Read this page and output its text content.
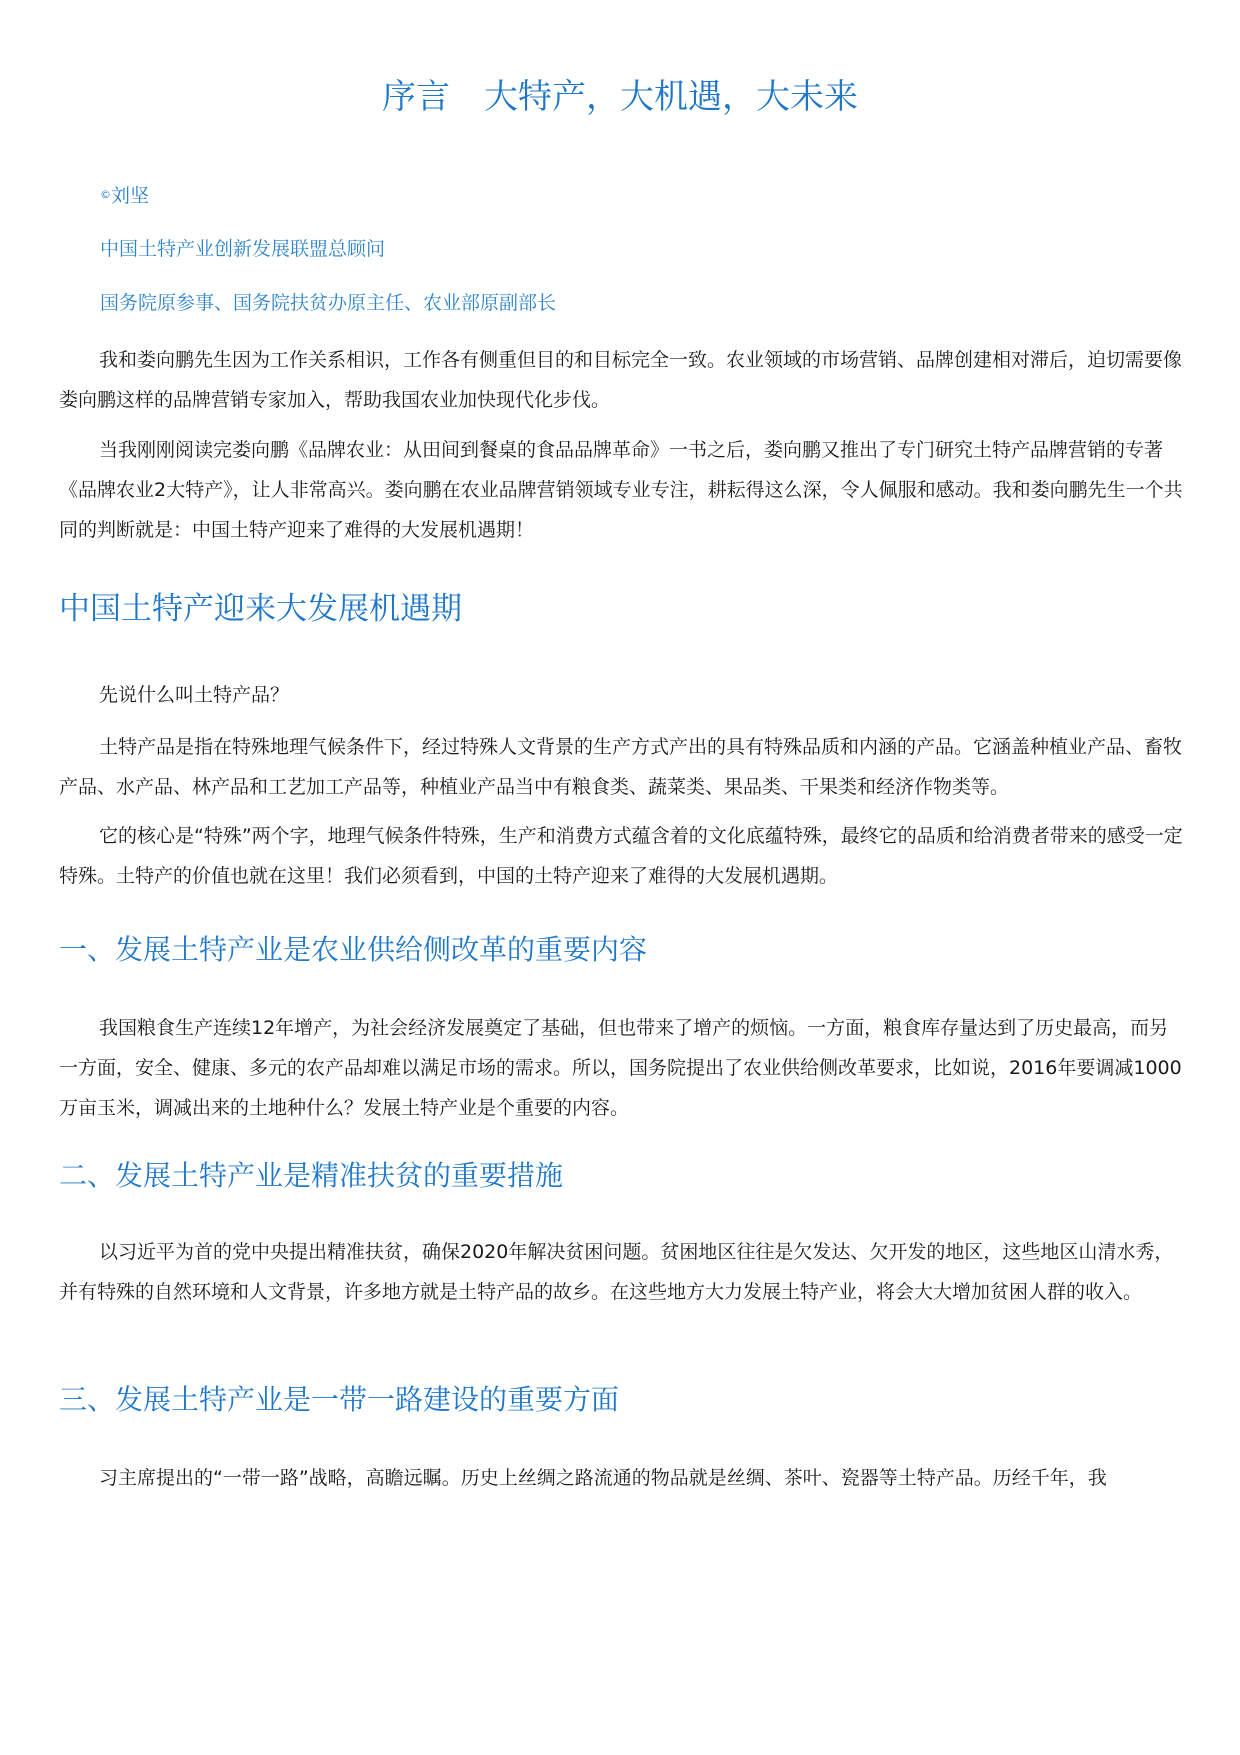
序言　大特产，大机遇，大未来

©刘坚

中国土特产业创新发展联盟总顾问

国务院原参事、国务院扶贫办原主任、农业部原副部长

我和娄向鹏先生因为工作关系相识，工作各有侧重但目的和目标完全一致。农业领域的市场营销、品牌创建相对滞后，迫切需要像娄向鹏这样的品牌营销专家加入，帮助我国农业加快现代化步伐。

当我刚刚阅读完娄向鹏《品牌农业：从田间到餐桌的食品品牌革命》一书之后，娄向鹏又推出了专门研究土特产品牌营销的专著《品牌农业2大特产》，让人非常高兴。娄向鹏在农业品牌营销领域专业专注，耕耘得这么深，令人佩服和感动。我和娄向鹏先生一个共同的判断就是：中国土特产迎来了难得的大发展机遇期！

中国土特产迎来大发展机遇期

先说什么叫土特产品？

土特产品是指在特殊地理气候条件下，经过特殊人文背景的生产方式产出的具有特殊品质和内涵的产品。它涵盖种植业产品、畜牧产品、水产品、林产品和工艺加工产品等，种植业产品当中有粮食类、蔬菜类、果品类、干果类和经济作物类等。

它的核心是“特殊”两个字，地理气候条件特殊，生产和消费方式蕴含着的文化底蕴特殊，最终它的品质和给消费者带来的感受一定特殊。土特产的价值也就在这里！我们必须看到，中国的土特产迎来了难得的大发展机遇期。

一、发展土特产业是农业供给侧改革的重要内容

我国粮食生产连续12年增产，为社会经济发展奠定了基础，但也带来了增产的烦恼。一方面，粮食库存量达到了历史最高，而另一方面，安全、健康、多元的农产品却难以满足市场的需求。所以，国务院提出了农业供给侧改革要求，比如说，2016年要调减1000万亩玉米，调减出来的土地种什么？发展土特产业是个重要的内容。

二、发展土特产业是精准扶贫的重要措施

以习近平为首的党中央提出精准扶贫，确保2020年解决贫困问题。贫困地区往往是欠发达、欠开发的地区，这些地区山清水秀，并有特殊的自然环境和人文背景，许多地方就是土特产品的故乡。在这些地方大力发展土特产业，将会大大增加贫困人群的收入。

三、发展土特产业是一带一路建设的重要方面

习主席提出的“一带一路”战略，高瞻远瞩。历史上丝绸之路流通的物品就是丝绸、茶叶、瓷器等土特产品。历经千年，我
